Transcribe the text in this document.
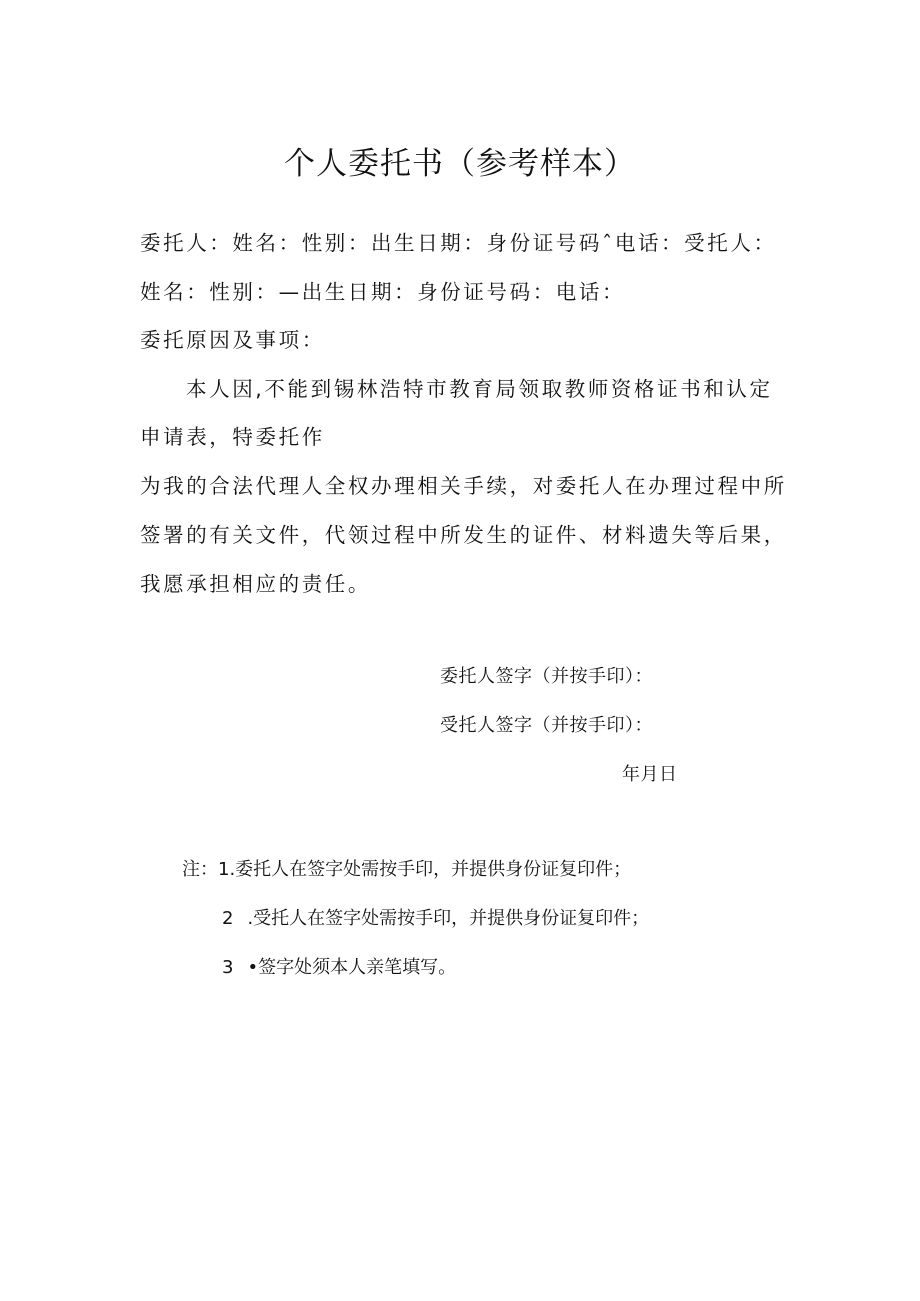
个人委托书（参考样本）

委托人：姓名：性别：出生日期：身份证号码ˆ电话：受托人：

姓名：性别：—出生日期：身份证号码：电话：

委托原因及事项：

本人因,不能到锡林浩特市教育局领取教师资格证书和认定

申请表，特委托作

为我的合法代理人全权办理相关手续，对委托人在办理过程中所

签署的有关文件，代领过程中所发生的证件、材料遗失等后果，

我愿承担相应的责任。

委托人签字（并按手印）：

受托人签字（并按手印）：

年月日

注：1.委托人在签字处需按手印，并提供身份证复印件；

2 .受托人在签字处需按手印，并提供身份证复印件；

3 •签字处须本人亲笔填写。
